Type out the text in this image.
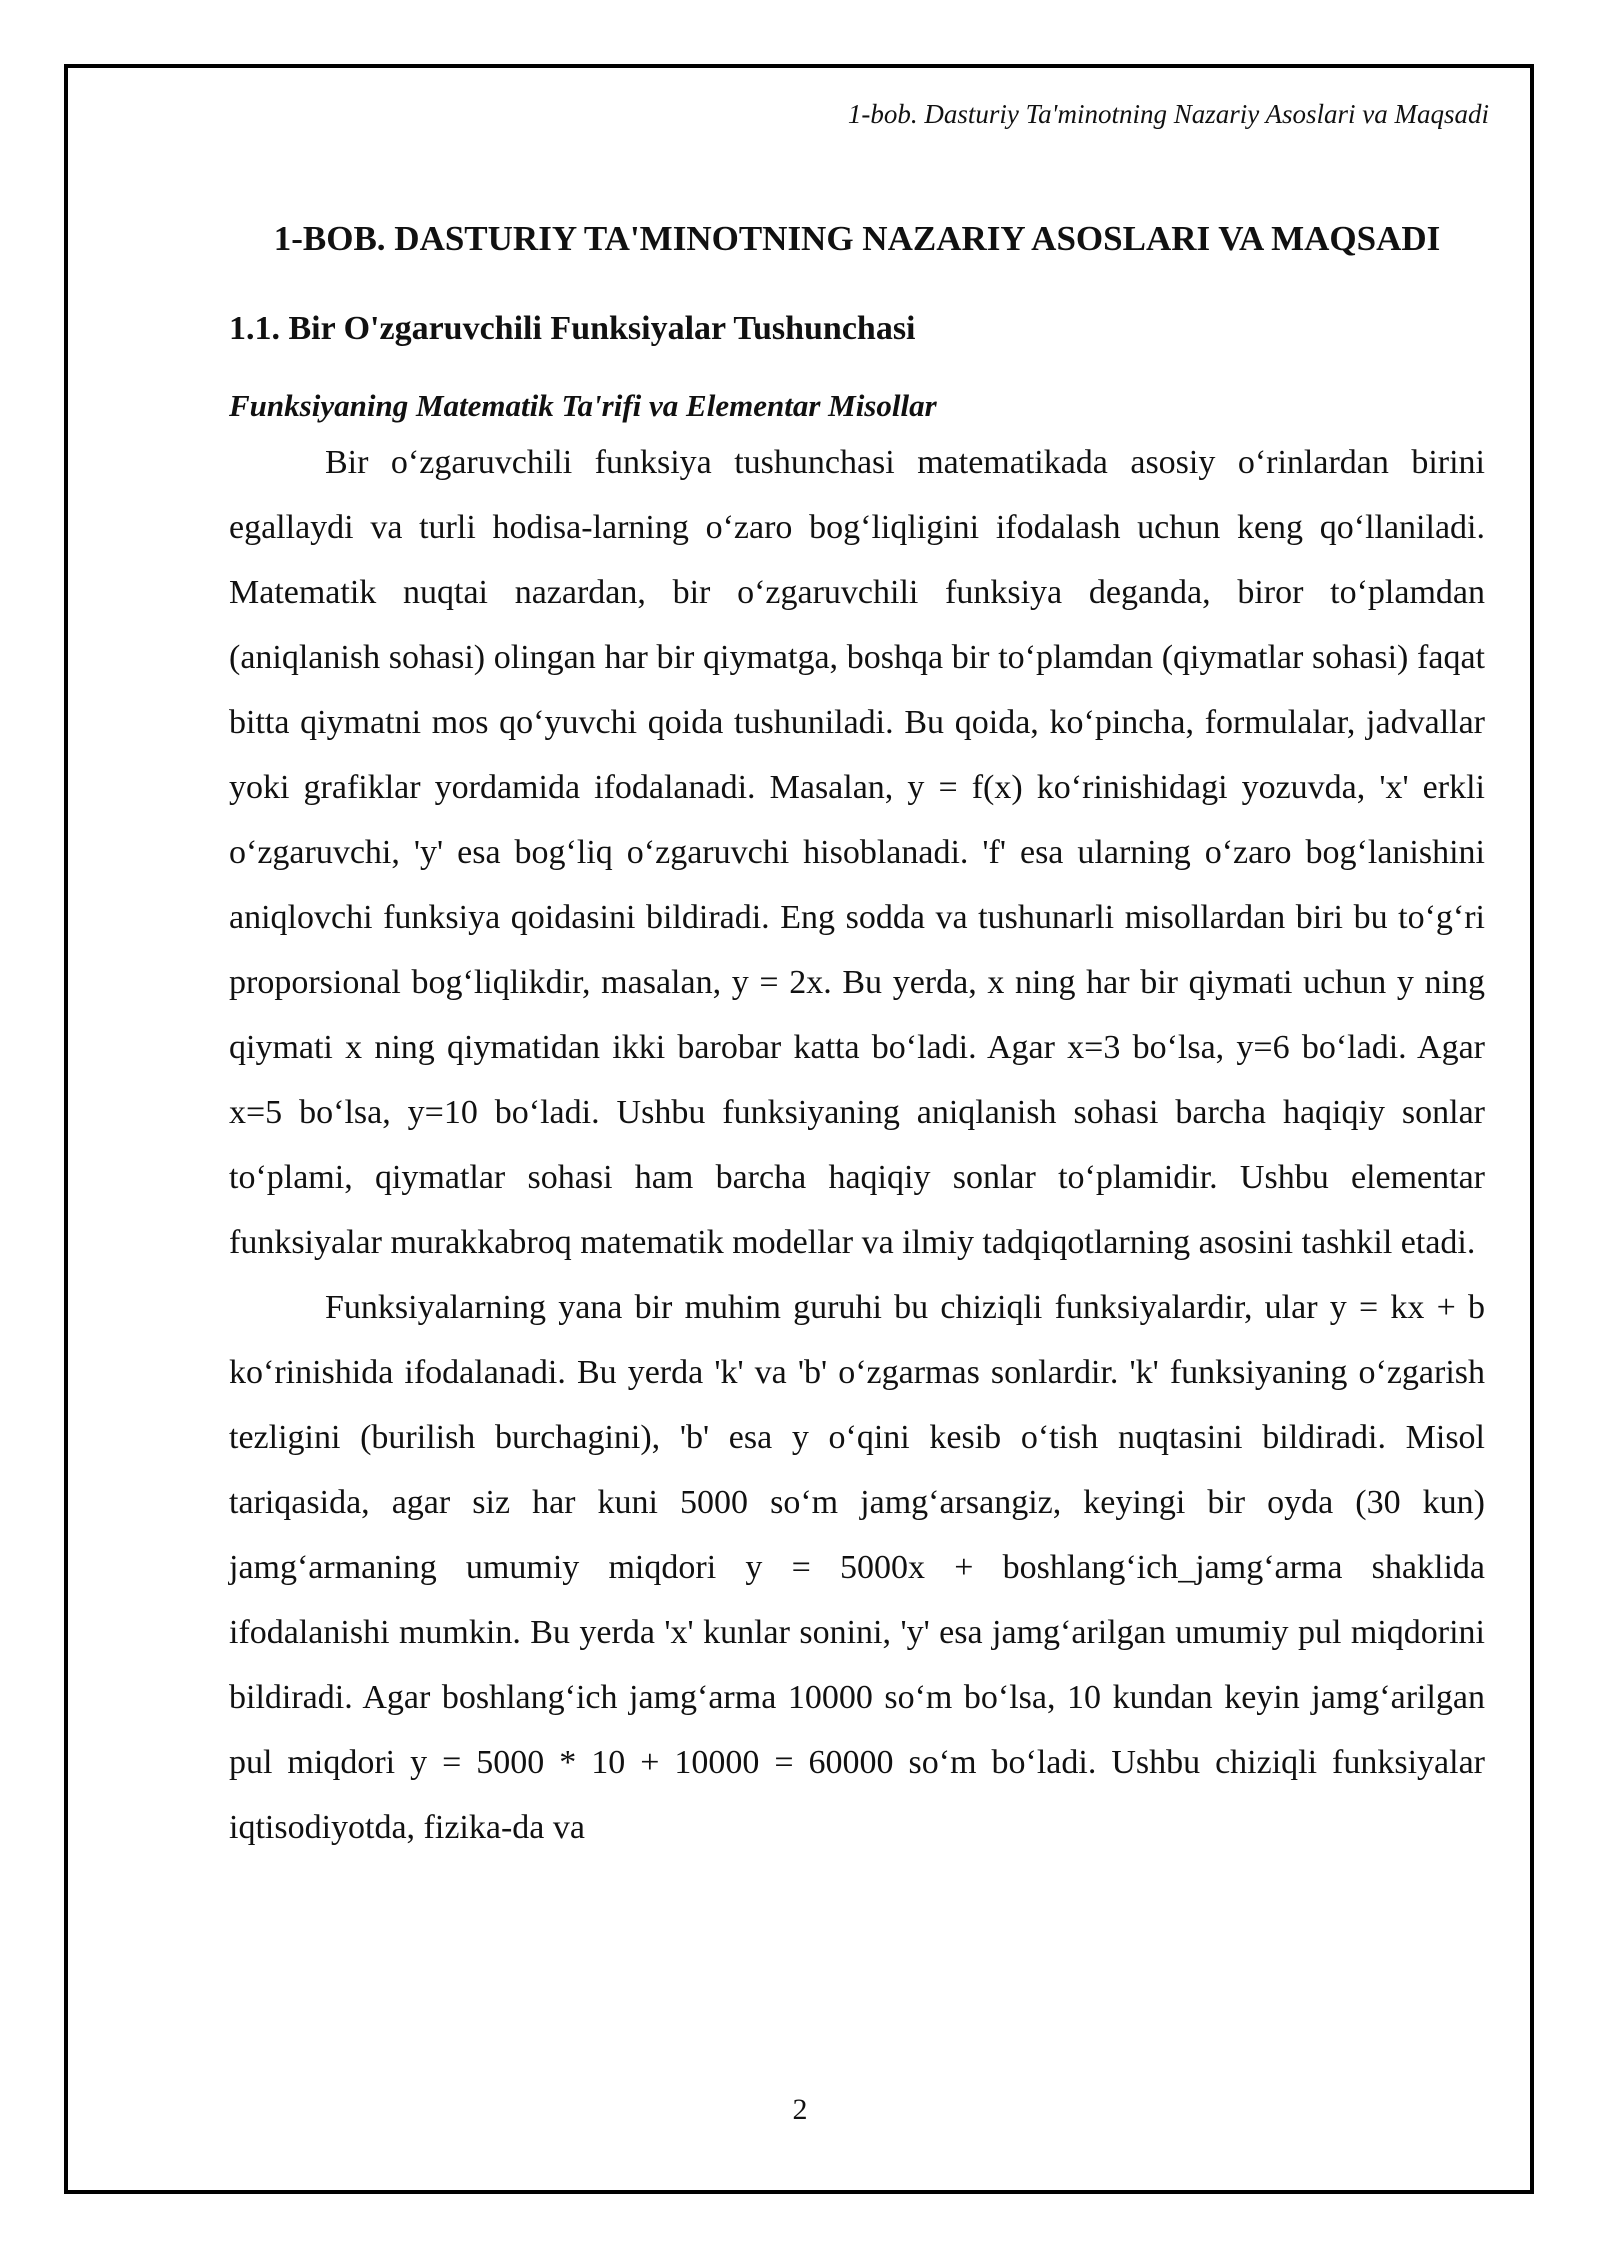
1-bob. Dasturiy Ta'minotning Nazariy Asoslari va Maqsadi
1-BOB. DASTURIY TA'MINOTNING NAZARIY ASOSLARI VA MAQSADI
1.1. Bir O'zgaruvchili Funksiyalar Tushunchasi
Funksiyaning Matematik Ta'rifi va Elementar Misollar

Bir o‘zgaruvchili funksiya tushunchasi matematikada asosiy o‘rinlardan birini egallaydi va turli hodisa-larning o‘zaro bog‘liqligini ifodalash uchun keng qo‘llaniladi. Matematik nuqtai nazardan, bir o‘zgaruvchili funksiya deganda, biror to‘plamdan (aniqlanish sohasi) olingan har bir qiymatga, boshqa bir to‘plamdan (qiymatlar sohasi) faqat bitta qiymatni mos qo‘yuvchi qoida tushuniladi. Bu qoida, ko‘pincha, formulalar, jadvallar yoki grafiklar yordamida ifodalanadi. Masalan, y = f(x) ko‘rinishidagi yozuvda, 'x' erkli o‘zgaruvchi, 'y' esa bog‘liq o‘zgaruvchi hisoblanadi. 'f' esa ularning o‘zaro bog‘lanishini aniqlovchi funksiya qoidasini bildiradi. Eng sodda va tushunarli misollardan biri bu to‘g‘ri proporsional bog‘liqlikdir, masalan, y = 2x. Bu yerda, x ning har bir qiymati uchun y ning qiymati x ning qiymatidan ikki barobar katta bo‘ladi. Agar x=3 bo‘lsa, y=6 bo‘ladi. Agar x=5 bo‘lsa, y=10 bo‘ladi. Ushbu funksiyaning aniqlanish sohasi barcha haqiqiy sonlar to‘plami, qiymatlar sohasi ham barcha haqiqiy sonlar to‘plamidir. Ushbu elementar funksiyalar murakkabroq matematik modellar va ilmiy tadqiqotlarning asosini tashkil etadi.

Funksiyalarning yana bir muhim guruhi bu chiziqli funksiyalardir, ular y = kx + b ko‘rinishida ifodalanadi. Bu yerda 'k' va 'b' o‘zgarmas sonlardir. 'k' funksiyaning o‘zgarish tezligini (burilish burchagini), 'b' esa y o‘qini kesib o‘tish nuqtasini bildiradi. Misol tariqasida, agar siz har kuni 5000 so‘m jamg‘arsangiz, keyingi bir oyda (30 kun) jamg‘armaning umumiy miqdori y = 5000x + boshlang‘ich_jamg‘arma shaklida ifodalanishi mumkin. Bu yerda 'x' kunlar sonini, 'y' esa jamg‘arilgan umumiy pul miqdorini bildiradi. Agar boshlang‘ich jamg‘arma 10000 so‘m bo‘lsa, 10 kundan keyin jamg‘arilgan pul miqdori y = 5000 * 10 + 10000 = 60000 so‘m bo‘ladi. Ushbu chiziqli funksiyalar iqtisodiyotda, fizika-da va

2
